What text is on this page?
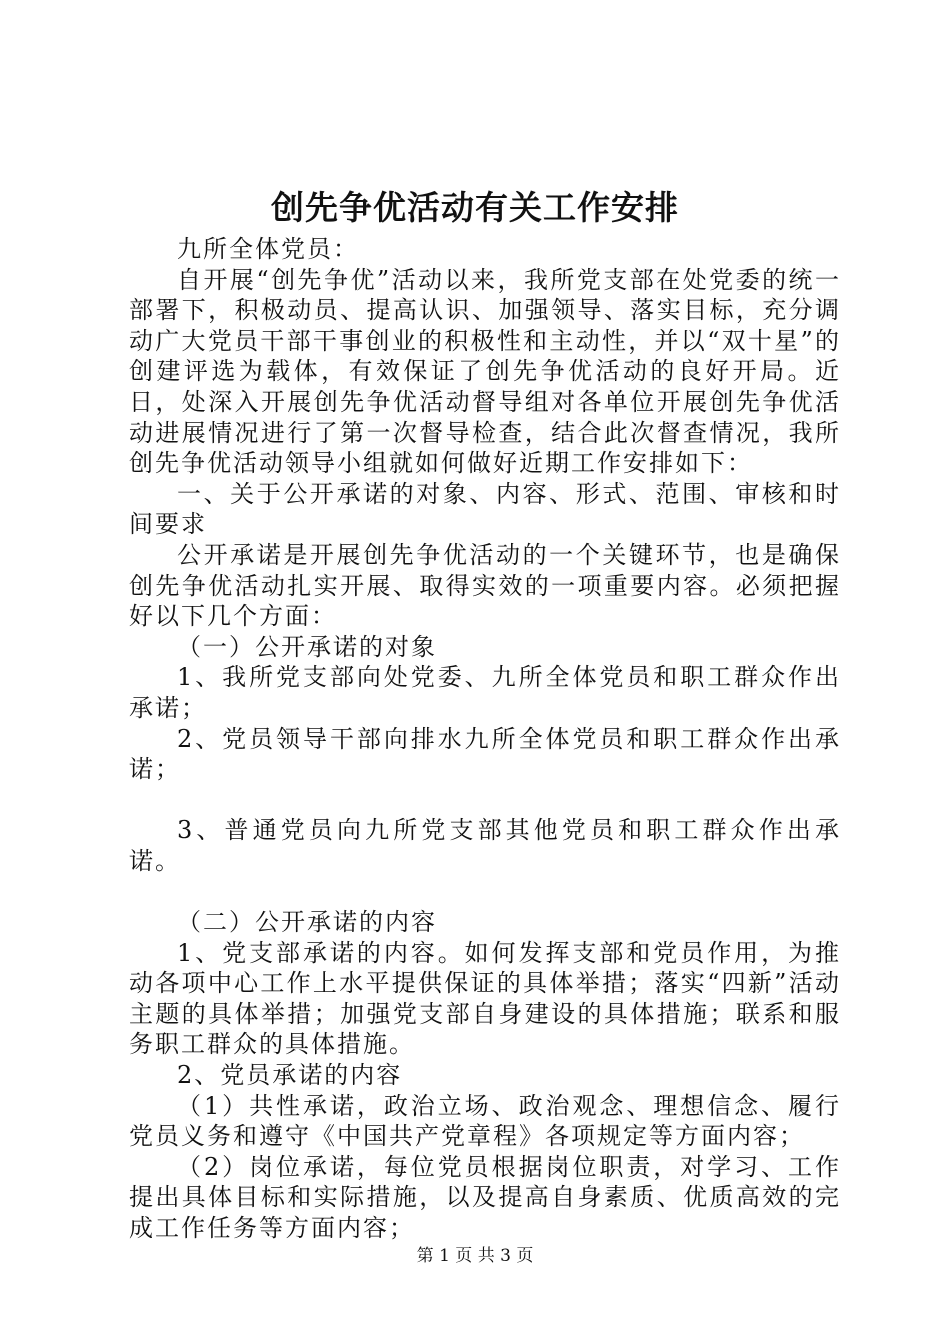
创先争优活动有关工作安排

九所全体党员：

自开展“创先争优”活动以来，我所党支部在处党委的统一部署下，积极动员、提高认识、加强领导、落实目标，充分调动广大党员干部干事创业的积极性和主动性，并以“双十星”的创建评选为载体，有效保证了创先争优活动的良好开局。近日，处深入开展创先争优活动督导组对各单位开展创先争优活动进展情况进行了第一次督导检查，结合此次督查情况，我所创先争优活动领导小组就如何做好近期工作安排如下：

一、关于公开承诺的对象、内容、形式、范围、审核和时间要求

公开承诺是开展创先争优活动的一个关键环节，也是确保创先争优活动扎实开展、取得实效的一项重要内容。必须把握好以下几个方面：

（一）公开承诺的对象

1、我所党支部向处党委、九所全体党员和职工群众作出承诺；

2、党员领导干部向排水九所全体党员和职工群众作出承诺；

3、普通党员向九所党支部其他党员和职工群众作出承诺。

（二）公开承诺的内容

1、党支部承诺的内容。如何发挥支部和党员作用，为推动各项中心工作上水平提供保证的具体举措；落实“四新”活动主题的具体举措；加强党支部自身建设的具体措施；联系和服务职工群众的具体措施。

2、党员承诺的内容

（1）共性承诺，政治立场、政治观念、理想信念、履行党员义务和遵守《中国共产党章程》各项规定等方面内容；

（2）岗位承诺，每位党员根据岗位职责，对学习、工作提出具体目标和实际措施，以及提高自身素质、优质高效的完成工作任务等方面内容；

第 1 页 共 3 页
